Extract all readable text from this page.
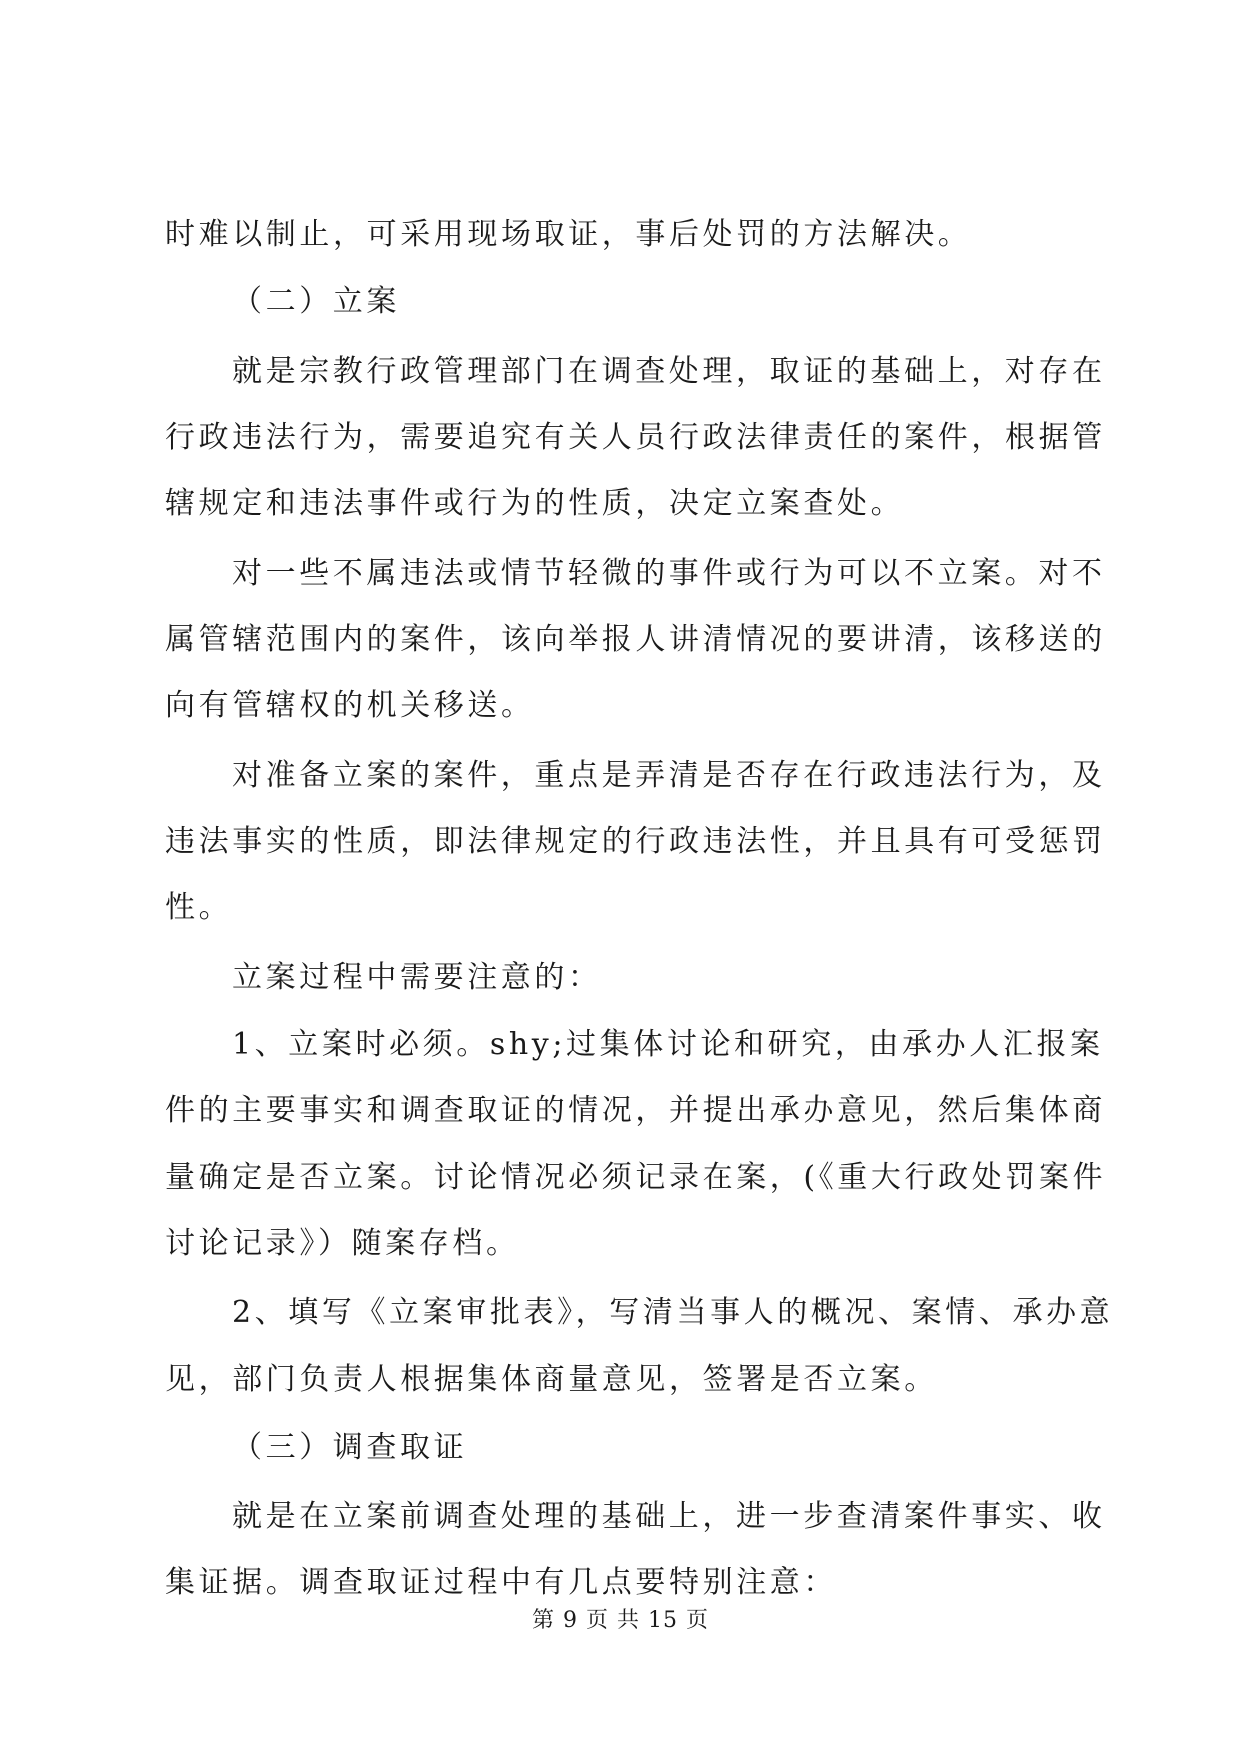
时难以制止，可采用现场取证，事后处罚的方法解决。
（二）立案
就是宗教行政管理部门在调查处理，取证的基础上，对存在
行政违法行为，需要追究有关人员行政法律责任的案件，根据管
辖规定和违法事件或行为的性质，决定立案查处。
对一些不属违法或情节轻微的事件或行为可以不立案。对不
属管辖范围内的案件，该向举报人讲清情况的要讲清，该移送的
向有管辖权的机关移送。
对准备立案的案件，重点是弄清是否存在行政违法行为，及
违法事实的性质，即法律规定的行政违法性，并且具有可受惩罚
性。
立案过程中需要注意的：
1、立案时必须。shy;过集体讨论和研究，由承办人汇报案
件的主要事实和调查取证的情况，并提出承办意见，然后集体商
量确定是否立案。讨论情况必须记录在案，(《重大行政处罚案件
讨论记录》）随案存档。
2、填写《立案审批表》，写清当事人的概况、案情、承办意
见，部门负责人根据集体商量意见，签署是否立案。
（三）调查取证
就是在立案前调查处理的基础上，进一步查清案件事实、收
集证据。调查取证过程中有几点要特别注意：
第 9 页 共 15 页
